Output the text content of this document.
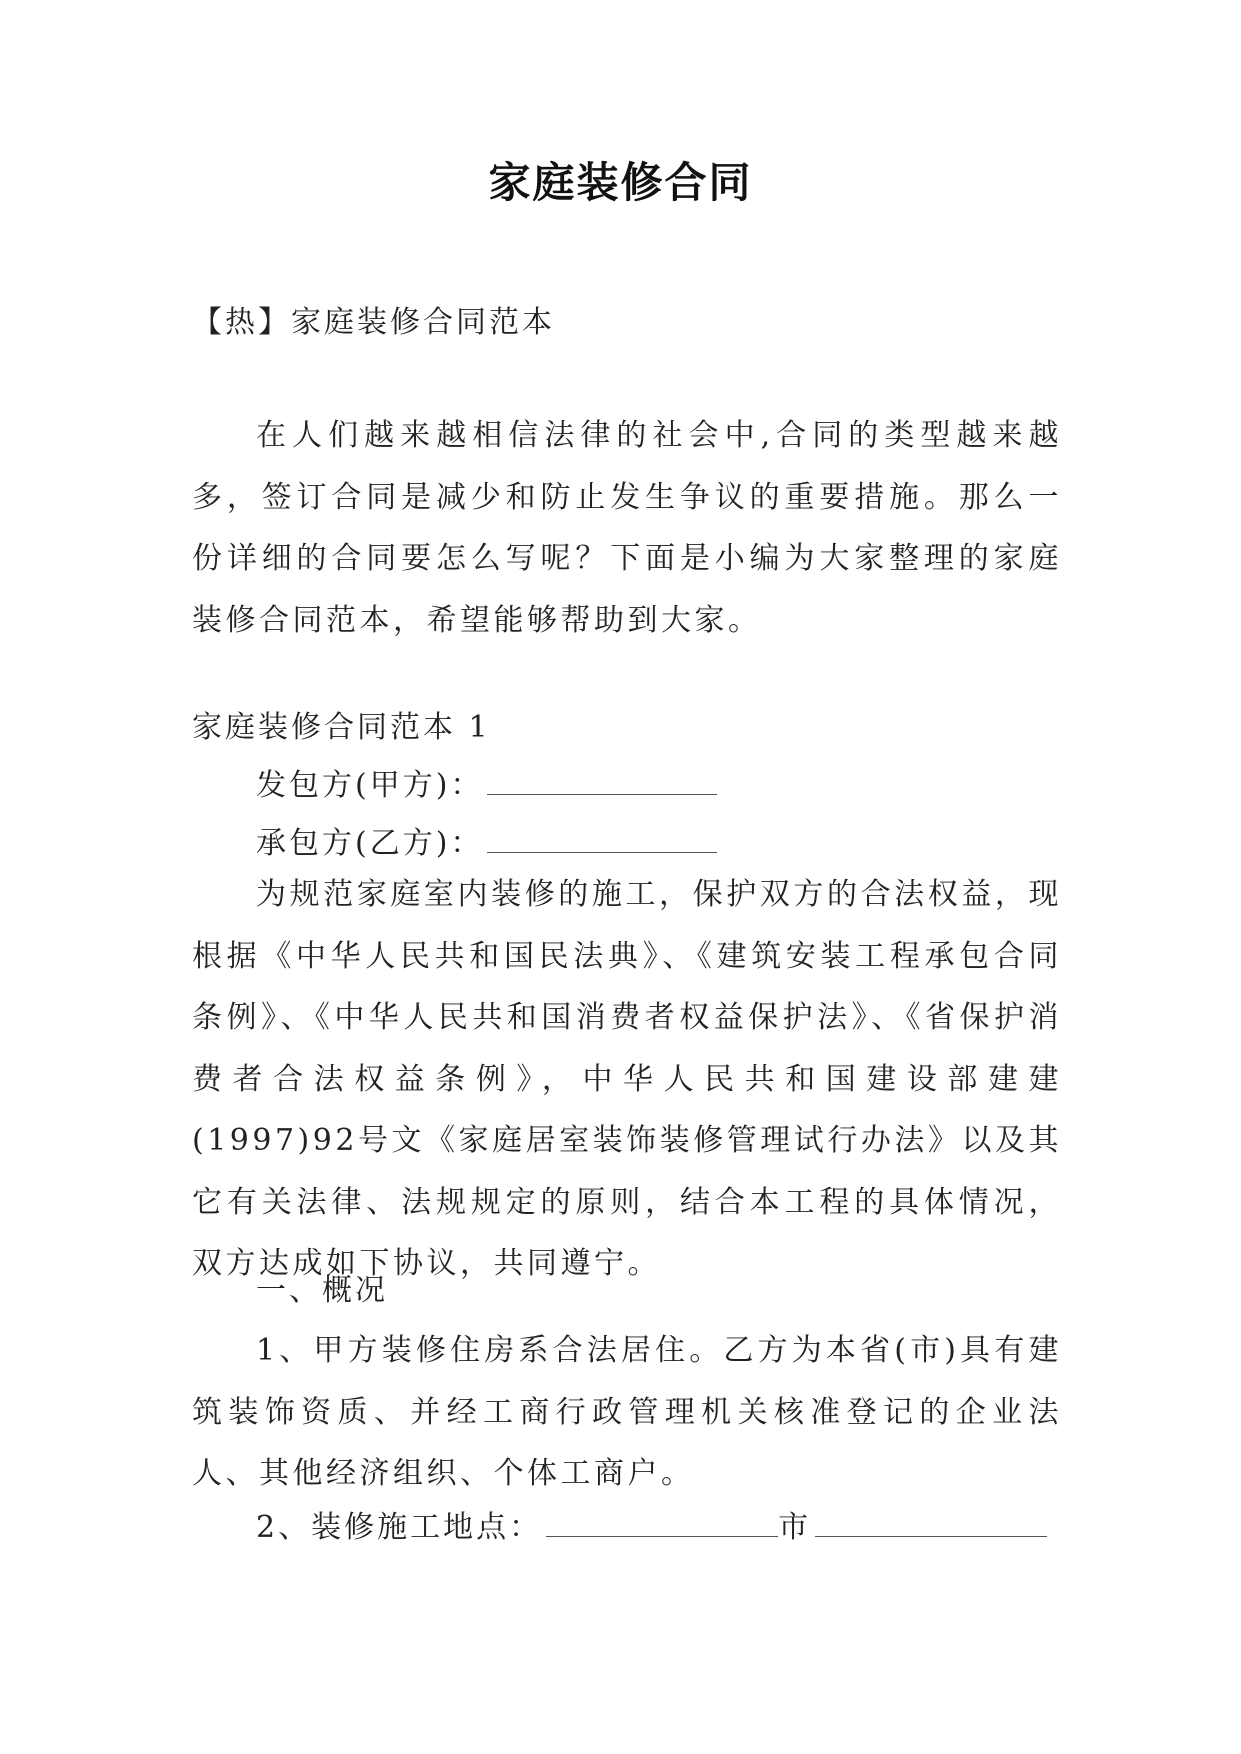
家庭装修合同
【热】家庭装修合同范本
在人们越来越相信法律的社会中,合同的类型越来越多，签订合同是减少和防止发生争议的重要措施。那么一份详细的合同要怎么写呢？下面是小编为大家整理的家庭装修合同范本，希望能够帮助到大家。
家庭装修合同范本 1
发包方(甲方)：
承包方(乙方)：
为规范家庭室内装修的施工，保护双方的合法权益，现根据《中华人民共和国民法典》、《建筑安装工程承包合同条例》、《中华人民共和国消费者权益保护法》、《省保护消费者合法权益条例》，中华人民共和国建设部建建(1997)92号文《家庭居室装饰装修管理试行办法》以及其它有关法律、法规规定的原则，结合本工程的具体情况，双方达成如下协议，共同遵宁。
一、概况
1、甲方装修住房系合法居住。乙方为本省(市)具有建筑装饰资质、并经工商行政管理机关核准登记的企业法人、其他经济组织、个体工商户。
2、装修施工地点：	市
